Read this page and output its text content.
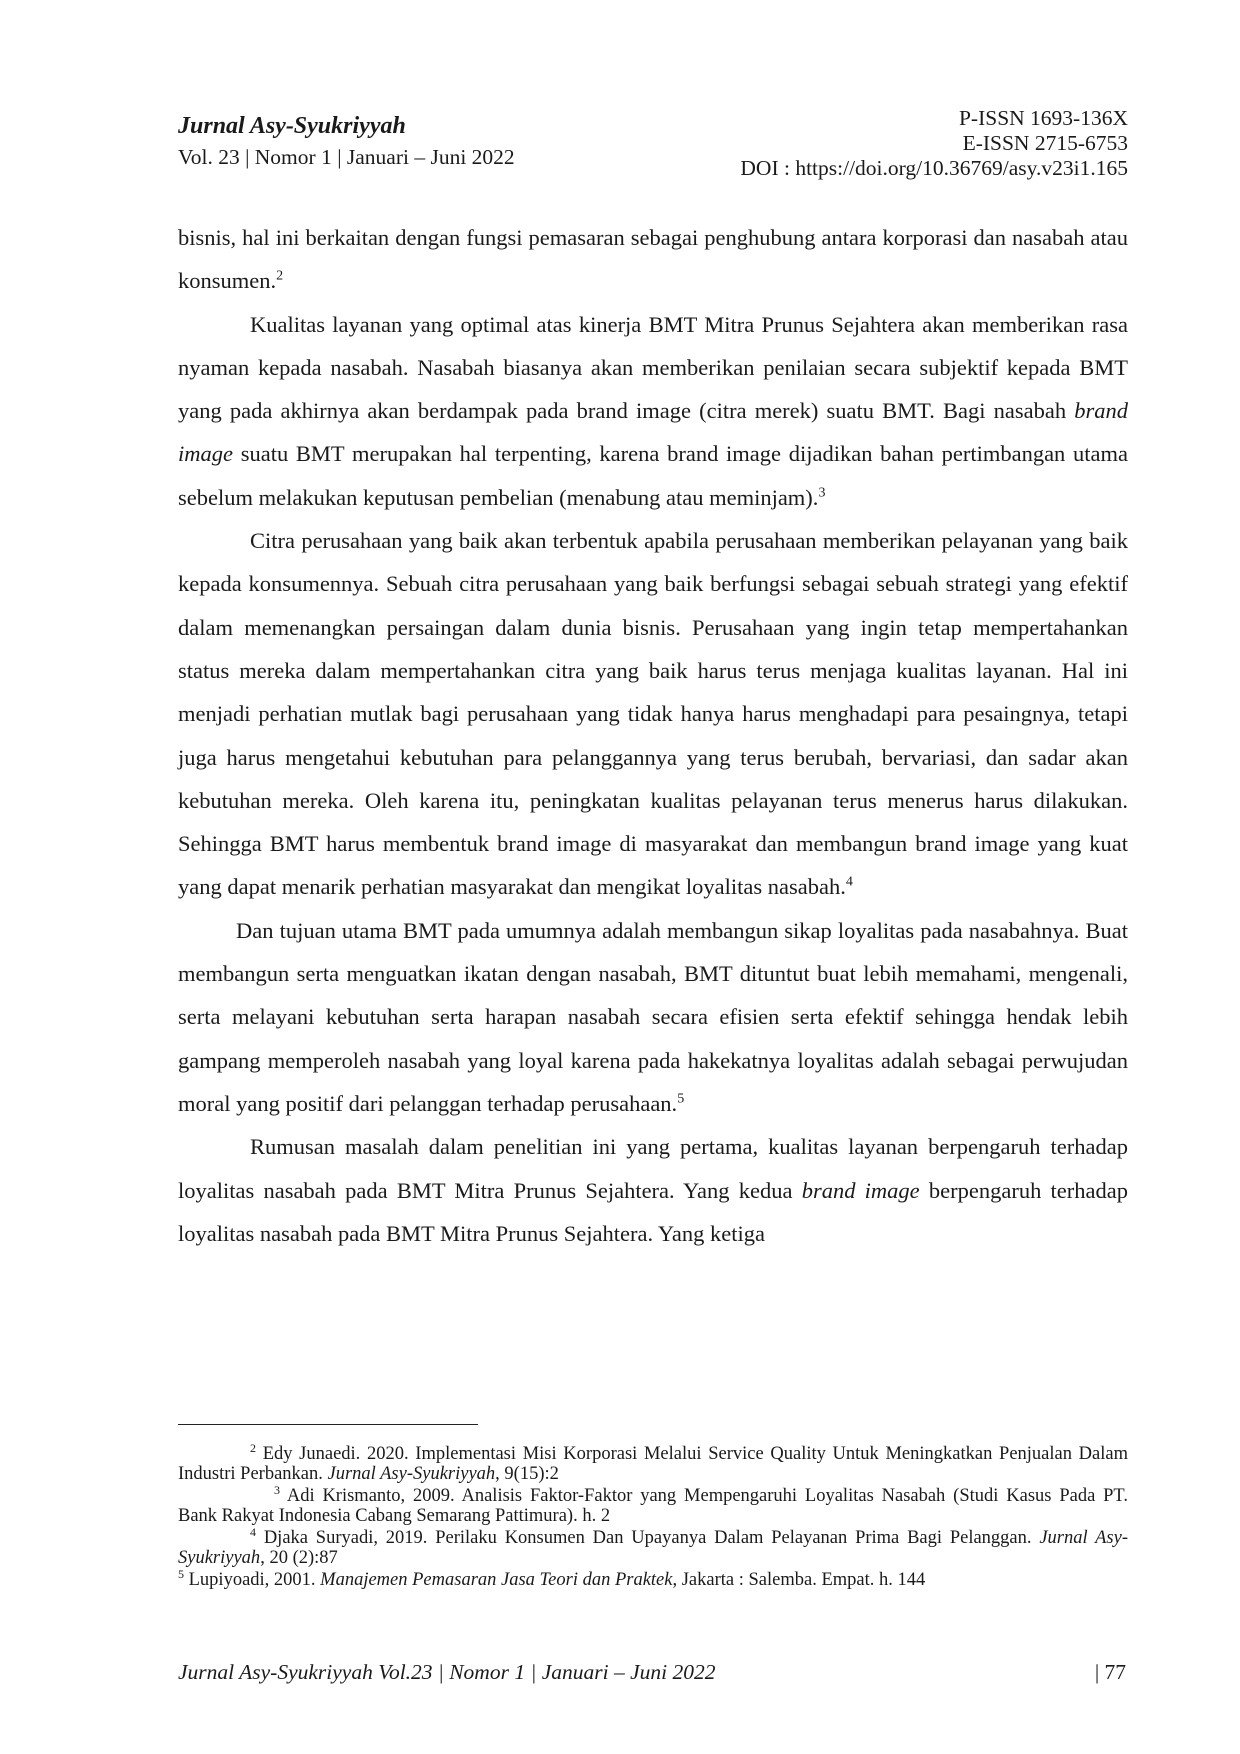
Jurnal Asy-Syukriyyah
Vol. 23 | Nomor 1 | Januari – Juni 2022
P-ISSN 1693-136X
E-ISSN 2715-6753
DOI : https://doi.org/10.36769/asy.v23i1.165

bisnis, hal ini berkaitan dengan fungsi pemasaran sebagai penghubung antara korporasi dan nasabah atau konsumen.$^2$

Kualitas layanan yang optimal atas kinerja BMT Mitra Prunus Sejahtera akan memberikan rasa nyaman kepada nasabah. Nasabah biasanya akan memberikan penilaian secara subjektif kepada BMT yang pada akhirnya akan berdampak pada brand image (citra merek) suatu BMT. Bagi nasabah brand image suatu BMT merupakan hal terpenting, karena brand image dijadikan bahan pertimbangan utama sebelum melakukan keputusan pembelian (menabung atau meminjam).$^3$

Citra perusahaan yang baik akan terbentuk apabila perusahaan memberikan pelayanan yang baik kepada konsumennya. Sebuah citra perusahaan yang baik berfungsi sebagai sebuah strategi yang efektif dalam memenangkan persaingan dalam dunia bisnis. Perusahaan yang ingin tetap mempertahankan status mereka dalam mempertahankan citra yang baik harus terus menjaga kualitas layanan. Hal ini menjadi perhatian mutlak bagi perusahaan yang tidak hanya harus menghadapi para pesaingnya, tetapi juga harus mengetahui kebutuhan para pelanggannya yang terus berubah, bervariasi, dan sadar akan kebutuhan mereka. Oleh karena itu, peningkatan kualitas pelayanan terus menerus harus dilakukan. Sehingga BMT harus membentuk brand image di masyarakat dan membangun brand image yang kuat yang dapat menarik perhatian masyarakat dan mengikat loyalitas nasabah.$^4$

Dan tujuan utama BMT pada umumnya adalah membangun sikap loyalitas pada nasabahnya. Buat membangun serta menguatkan ikatan dengan nasabah, BMT dituntut buat lebih memahami, mengenali, serta melayani kebutuhan serta harapan nasabah secara efisien serta efektif sehingga hendak lebih gampang memperoleh nasabah yang loyal karena pada hakekatnya loyalitas adalah sebagai perwujudan moral yang positif dari pelanggan terhadap perusahaan.$^5$

Rumusan masalah dalam penelitian ini yang pertama, kualitas layanan berpengaruh terhadap loyalitas nasabah pada BMT Mitra Prunus Sejahtera. Yang kedua brand image berpengaruh terhadap loyalitas nasabah pada BMT Mitra Prunus Sejahtera. Yang ketiga

$^2$ Edy Junaedi. 2020. Implementasi Misi Korporasi Melalui Service Quality Untuk Meningkatkan Penjualan Dalam Industri Perbankan. Jurnal Asy-Syukriyyah, 9(15):2

$^3$ Adi Krismanto, 2009. Analisis Faktor-Faktor yang Mempengaruhi Loyalitas Nasabah (Studi Kasus Pada PT. Bank Rakyat Indonesia Cabang Semarang Pattimura). h. 2

$^4$ Djaka Suryadi, 2019. Perilaku Konsumen Dan Upayanya Dalam Pelayanan Prima Bagi Pelanggan. Jurnal Asy-Syukriyyah, 20 (2):87

$^5$ Lupiyoadi, 2001. Manajemen Pemasaran Jasa Teori dan Praktek, Jakarta : Salemba. Empat. h. 144

Jurnal Asy-Syukriyyah Vol.23 | Nomor 1 | Januari – Juni 2022	| 77
